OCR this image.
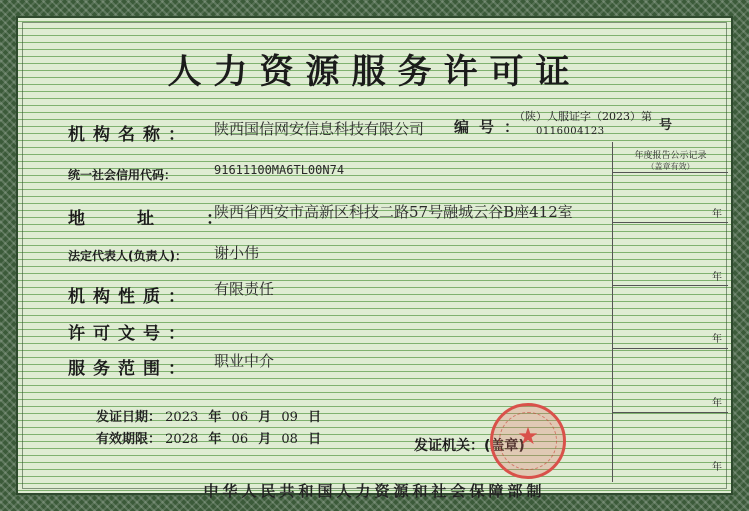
人力资源服务许可证
编号：
（陕）人服证字（2023）第
号
0116004123
机构名称： 陕西国信网安信息科技有限公司
统一社会信用代码：	91611100MA6TL00N74
地址：
陕西省西安市高新区科技二路57号融城云谷B座412室
法定代表人(负责人)： 谢小伟
机构性质： 有限责任
许可文号：
服务范围： 职业中介
年度报告公示记录
（盖章有效）
年
年
年
年
年
发证日期： 2023 年 06 月 09 日
有效期限： 2028 年 06 月 08 日	发证机关：(盖章)
★
中华人民共和国人力资源和社会保障部制
